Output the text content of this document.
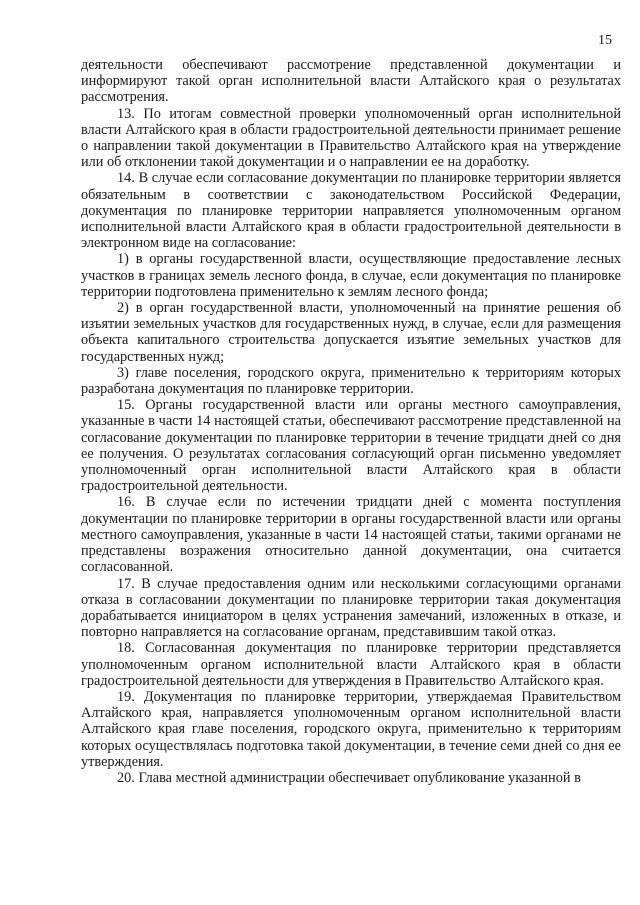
15

деятельности обеспечивают рассмотрение представленной документации и информируют такой орган исполнительной власти Алтайского края о результатах рассмотрения.

13. По итогам совместной проверки уполномоченный орган исполнительной власти Алтайского края в области градостроительной деятельности принимает решение о направлении такой документации в Правительство Алтайского края на утверждение или об отклонении такой документации и о направлении ее на доработку.

14. В случае если согласование документации по планировке территории является обязательным в соответствии с законодательством Российской Федерации, документация по планировке территории направляется уполномоченным органом исполнительной власти Алтайского края в области градостроительной деятельности в электронном виде на согласование:

1) в органы государственной власти, осуществляющие предоставление лесных участков в границах земель лесного фонда, в случае, если документация по планировке территории подготовлена применительно к землям лесного фонда;

2) в орган государственной власти, уполномоченный на принятие решения об изъятии земельных участков для государственных нужд, в случае, если для размещения объекта капитального строительства допускается изъятие земельных участков для государственных нужд;

3) главе поселения, городского округа, применительно к территориям которых разработана документация по планировке территории.

15. Органы государственной власти или органы местного самоуправления, указанные в части 14 настоящей статьи, обеспечивают рассмотрение представленной на согласование документации по планировке территории в течение тридцати дней со дня ее получения. О результатах согласования согласующий орган письменно уведомляет уполномоченный орган исполнительной власти Алтайского края в области градостроительной деятельности.

16. В случае если по истечении тридцати дней с момента поступления документации по планировке территории в органы государственной власти или органы местного самоуправления, указанные в части 14 настоящей статьи, такими органами не представлены возражения относительно данной документации, она считается согласованной.

17. В случае предоставления одним или несколькими согласующими органами отказа в согласовании документации по планировке территории такая документация дорабатывается инициатором в целях устранения замечаний, изложенных в отказе, и повторно направляется на согласование органам, представившим такой отказ.

18. Согласованная документация по планировке территории представляется уполномоченным органом исполнительной власти Алтайского края в области градостроительной деятельности для утверждения в Правительство Алтайского края.

19. Документация по планировке территории, утверждаемая Правительством Алтайского края, направляется уполномоченным органом исполнительной власти Алтайского края главе поселения, городского округа, применительно к территориям которых осуществлялась подготовка такой документации, в течение семи дней со дня ее утверждения.

20. Глава местной администрации обеспечивает опубликование указанной в
